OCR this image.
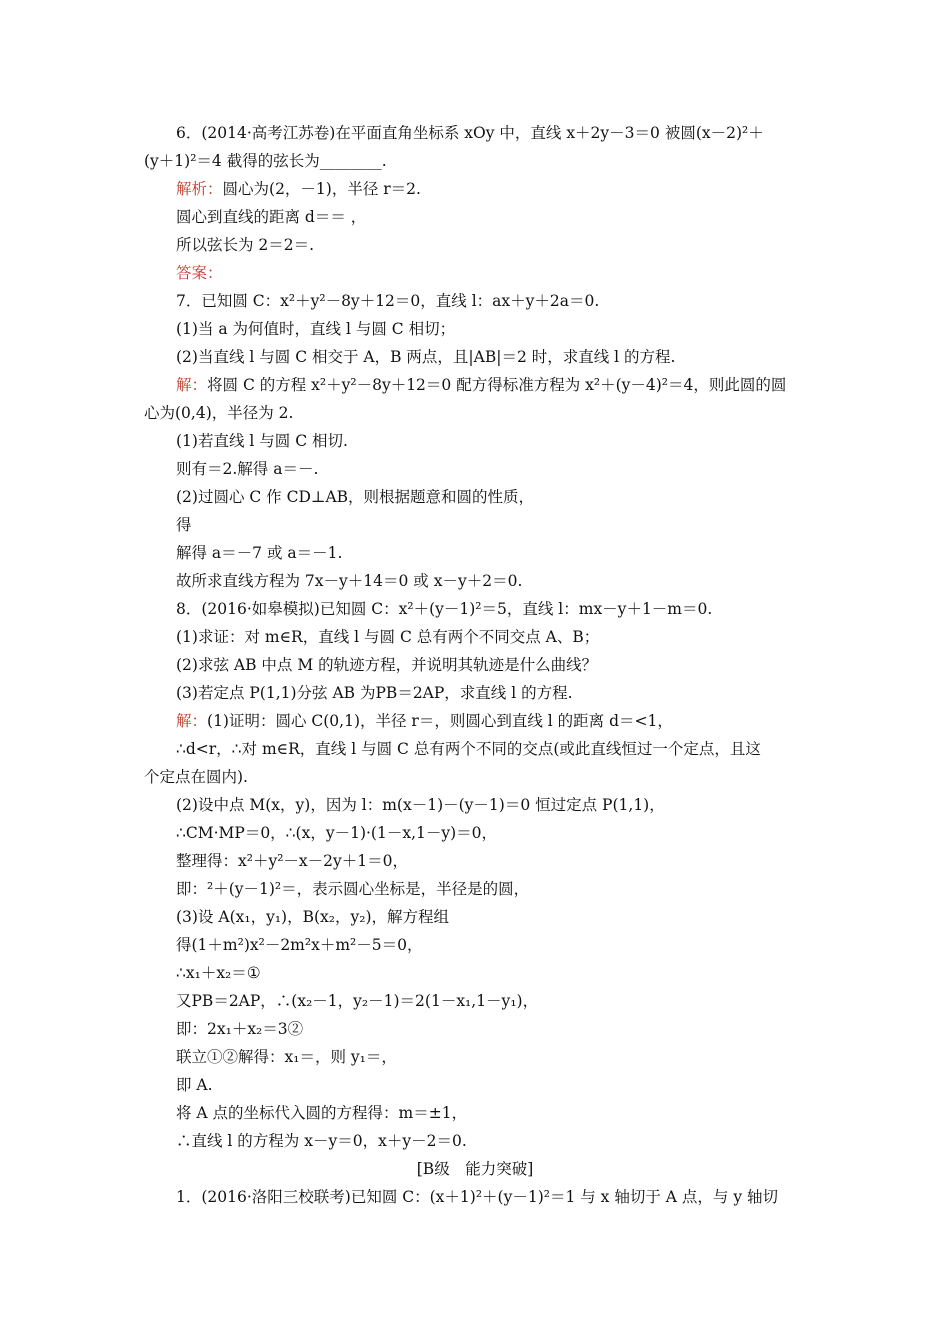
6．(2014·高考江苏卷)在平面直角坐标系 xOy 中，直线 x＋2y－3＝0 被圆(x－2)²＋
(y＋1)²＝4 截得的弦长为________.
解析：圆心为(2，－1)，半径 r＝2.
圆心到直线的距离 d＝＝ ，
所以弦长为 2＝2＝.
答案：
7．已知圆 C：x²＋y²－8y＋12＝0，直线 l：ax＋y＋2a＝0.
(1)当 a 为何值时，直线 l 与圆 C 相切；
(2)当直线 l 与圆 C 相交于 A，B 两点，且|AB|＝2 时，求直线 l 的方程.
解：将圆 C 的方程 x²＋y²－8y＋12＝0 配方得标准方程为 x²＋(y－4)²＝4，则此圆的圆
心为(0,4)，半径为 2.
(1)若直线 l 与圆 C 相切.
则有＝2.解得 a＝－.
(2)过圆心 C 作 CD⊥AB，则根据题意和圆的性质，
得
解得 a＝－7 或 a＝－1.
故所求直线方程为 7x－y＋14＝0 或 x－y＋2＝0.
8．(2016·如皋模拟)已知圆 C：x²＋(y－1)²＝5，直线 l：mx－y＋1－m＝0.
(1)求证：对 m∈R，直线 l 与圆 C 总有两个不同交点 A、B；
(2)求弦 AB 中点 M 的轨迹方程，并说明其轨迹是什么曲线？
(3)若定点 P(1,1)分弦 AB 为PB＝2AP，求直线 l 的方程.
解：(1)证明：圆心 C(0,1)，半径 r＝，则圆心到直线 l 的距离 d＝<1，
∴d<r，∴对 m∈R，直线 l 与圆 C 总有两个不同的交点(或此直线恒过一个定点，且这
个定点在圆内).
(2)设中点 M(x，y)，因为 l：m(x－1)－(y－1)＝0 恒过定点 P(1,1)，
∴CM·MP＝0，∴(x，y－1)·(1－x,1－y)＝0，
整理得：x²＋y²－x－2y＋1＝0，
即：²＋(y－1)²＝，表示圆心坐标是，半径是的圆，
(3)设 A(x₁，y₁)，B(x₂，y₂)，解方程组
得(1＋m²)x²－2m²x＋m²－5＝0，
∴x₁＋x₂＝①
又PB＝2AP，∴(x₂－1，y₂－1)＝2(1－x₁,1－y₁)，
即：2x₁＋x₂＝3②
联立①②解得：x₁＝，则 y₁＝，
即 A.
将 A 点的坐标代入圆的方程得：m＝±1，
∴直线 l 的方程为 x－y＝0，x＋y－2＝0.
[B级　能力突破]
1．(2016·洛阳三校联考)已知圆 C：(x＋1)²＋(y－1)²＝1 与 x 轴切于 A 点，与 y 轴切
